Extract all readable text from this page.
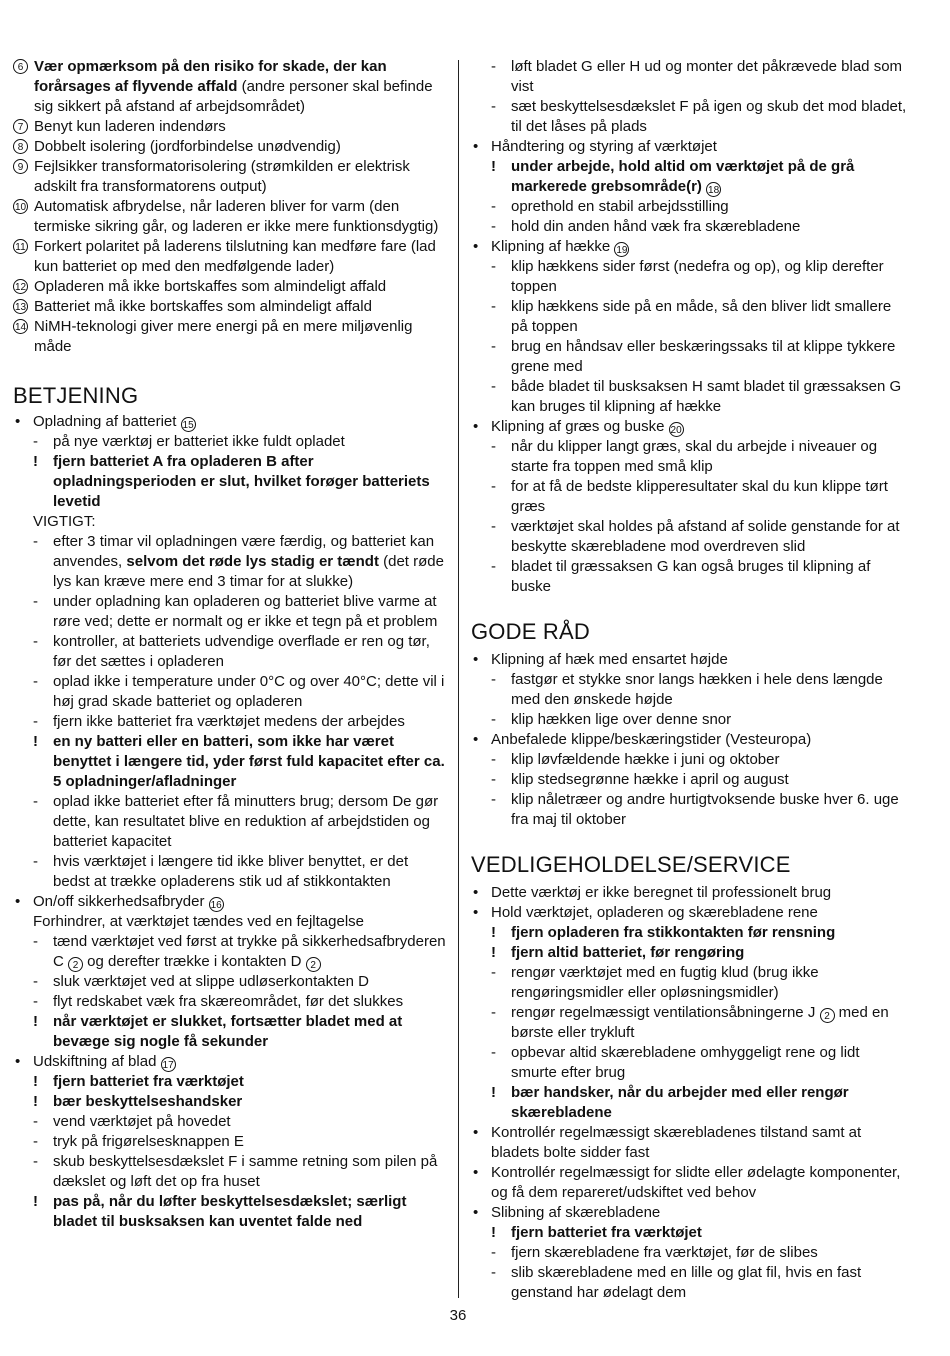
6 Vær opmærksom på den risiko for skade, der kan forårsages af flyvende affald (andre personer skal befinde sig sikkert på afstand af arbejdsområdet)
7 Benyt kun laderen indendørs
8 Dobbelt isolering (jordforbindelse unødvendig)
9 Fejlsikker transformatorisolering (strømkilden er elektrisk adskilt fra transformatorens output)
10 Automatisk afbrydelse, når laderen bliver for varm (den termiske sikring går, og laderen er ikke mere funktionsdygtig)
11 Forkert polaritet på laderens tilslutning kan medføre fare (lad kun batteriet op med den medfølgende lader)
12 Opladeren må ikke bortskaffes som almindeligt affald
13 Batteriet må ikke bortskaffes som almindeligt affald
14 NiMH-teknologi giver mere energi på en mere miljøvenlig måde
BETJENING
• Opladning af batteriet 15
-	på nye værktøj er batteriet ikke fuldt opladet
!	fjern batteriet A fra opladeren B after opladningsperioden er slut, hvilket forøger batteriets levetid
VIGTIGT:
-	efter 3 timar vil opladningen være færdig, og batteriet kan anvendes, selvom det røde lys stadig er tændt (det røde lys kan kræve mere end 3 timar for at slukke)
-	under opladning kan opladeren og batteriet blive varme at røre ved; dette er normalt og er ikke et tegn på et problem
-	kontroller, at batteriets udvendige overflade er ren og tør, før det sættes i opladeren
-	oplad ikke i temperature under 0°C og over 40°C; dette vil i høj grad skade batteriet og opladeren
-	fjern ikke batteriet fra værktøjet medens der arbejdes
!	en ny batteri eller en batteri, som ikke har været benyttet i længere tid, yder først fuld kapacitet efter ca. 5 opladninger/afladninger
-	oplad ikke batteriet efter få minutters brug; dersom De gør dette, kan resultatet blive en reduktion af arbejdstiden og batteriet kapacitet
-	hvis værktøjet i længere tid ikke bliver benyttet, er det bedst at trække opladerens stik ud af stikkontakten
• On/off sikkerhedsafbryder 16
Forhindrer, at værktøjet tændes ved en fejltagelse
-	tænd værktøjet ved først at trykke på sikkerhedsafbryderen C 2 og derefter trække i kontakten D 2
-	sluk værktøjet ved at slippe udløserkontakten D
-	flyt redskabet væk fra skæreområdet, før det slukkes
!	når værktøjet er slukket, fortsætter bladet med at bevæge sig nogle få sekunder
• Udskiftning af blad 17
!	fjern batteriet fra værktøjet
!	bær beskyttelseshandsker
-	vend værktøjet på hovedet
-	tryk på frigørelsesknappen E
-	skub beskyttelsesdækslet F i samme retning som pilen på dækslet og løft det op fra huset
!	pas på, når du løfter beskyttelsesdækslet; særligt bladet til busksaksen kan uventet falde ned
-	løft bladet G eller H ud og monter det påkrævede blad som vist
-	sæt beskyttelsesdækslet F på igen og skub det mod bladet, til det låses på plads
• Håndtering og styring af værktøjet
!	under arbejde, hold altid om værktøjet på de grå markerede grebsområde(r) 18
-	oprethold en stabil arbejdsstilling
-	hold din anden hånd væk fra skærebladene
• Klipning af hække 19
-	klip hækkens sider først (nedefra og op), og klip derefter toppen
-	klip hækkens side på en måde, så den bliver lidt smallere på toppen
-	brug en håndsav eller beskæringssaks til at klippe tykkere grene med
-	både bladet til busksaksen H samt bladet til græssaksen G kan bruges til klipning af hække
• Klipning af græs og buske 20
-	når du klipper langt græs, skal du arbejde i niveauer og starte fra toppen med små klip
-	for at få de bedste klipperesultater skal du kun klippe tørt græs
-	værktøjet skal holdes på afstand af solide genstande for at beskytte skærebladene mod overdreven slid
-	bladet til græssaksen G kan også bruges til klipning af buske
GODE RÅD
• Klipning af hæk med ensartet højde
-	fastgør et stykke snor langs hækken i hele dens længde med den ønskede højde
-	klip hækken lige over denne snor
• Anbefalede klippe/beskæringstider (Vesteuropa)
-	klip løvfældende hække i juni og oktober
-	klip stedsegrønne hække i april og august
-	klip nåletræer og andre hurtigtvoksende buske hver 6. uge fra maj til oktober
VEDLIGEHOLDELSE/SERVICE
• Dette værktøj er ikke beregnet til professionelt brug
• Hold værktøjet, opladeren og skærebladene rene
!	fjern opladeren fra stikkontakten før rensning
!	fjern altid batteriet, før rengøring
-	rengør værktøjet med en fugtig klud (brug ikke rengøringsmidler eller opløsningsmidler)
-	rengør regelmæssigt ventilationsåbningerne J 2 med en børste eller trykluft
-	opbevar altid skærebladene omhyggeligt rene og lidt smurte efter brug
!	bær handsker, når du arbejder med eller rengør skærebladene
• Kontrollér regelmæssigt skærebladenes tilstand samt at bladets bolte sidder fast
• Kontrollér regelmæssigt for slidte eller ødelagte komponenter, og få dem repareret/udskiftet ved behov
• Slibning af skærebladene
!	fjern batteriet fra værktøjet
-	fjern skærebladene fra værktøjet, før de slibes
-	slib skærebladene med en lille og glat fil, hvis en fast genstand har ødelagt dem
36
